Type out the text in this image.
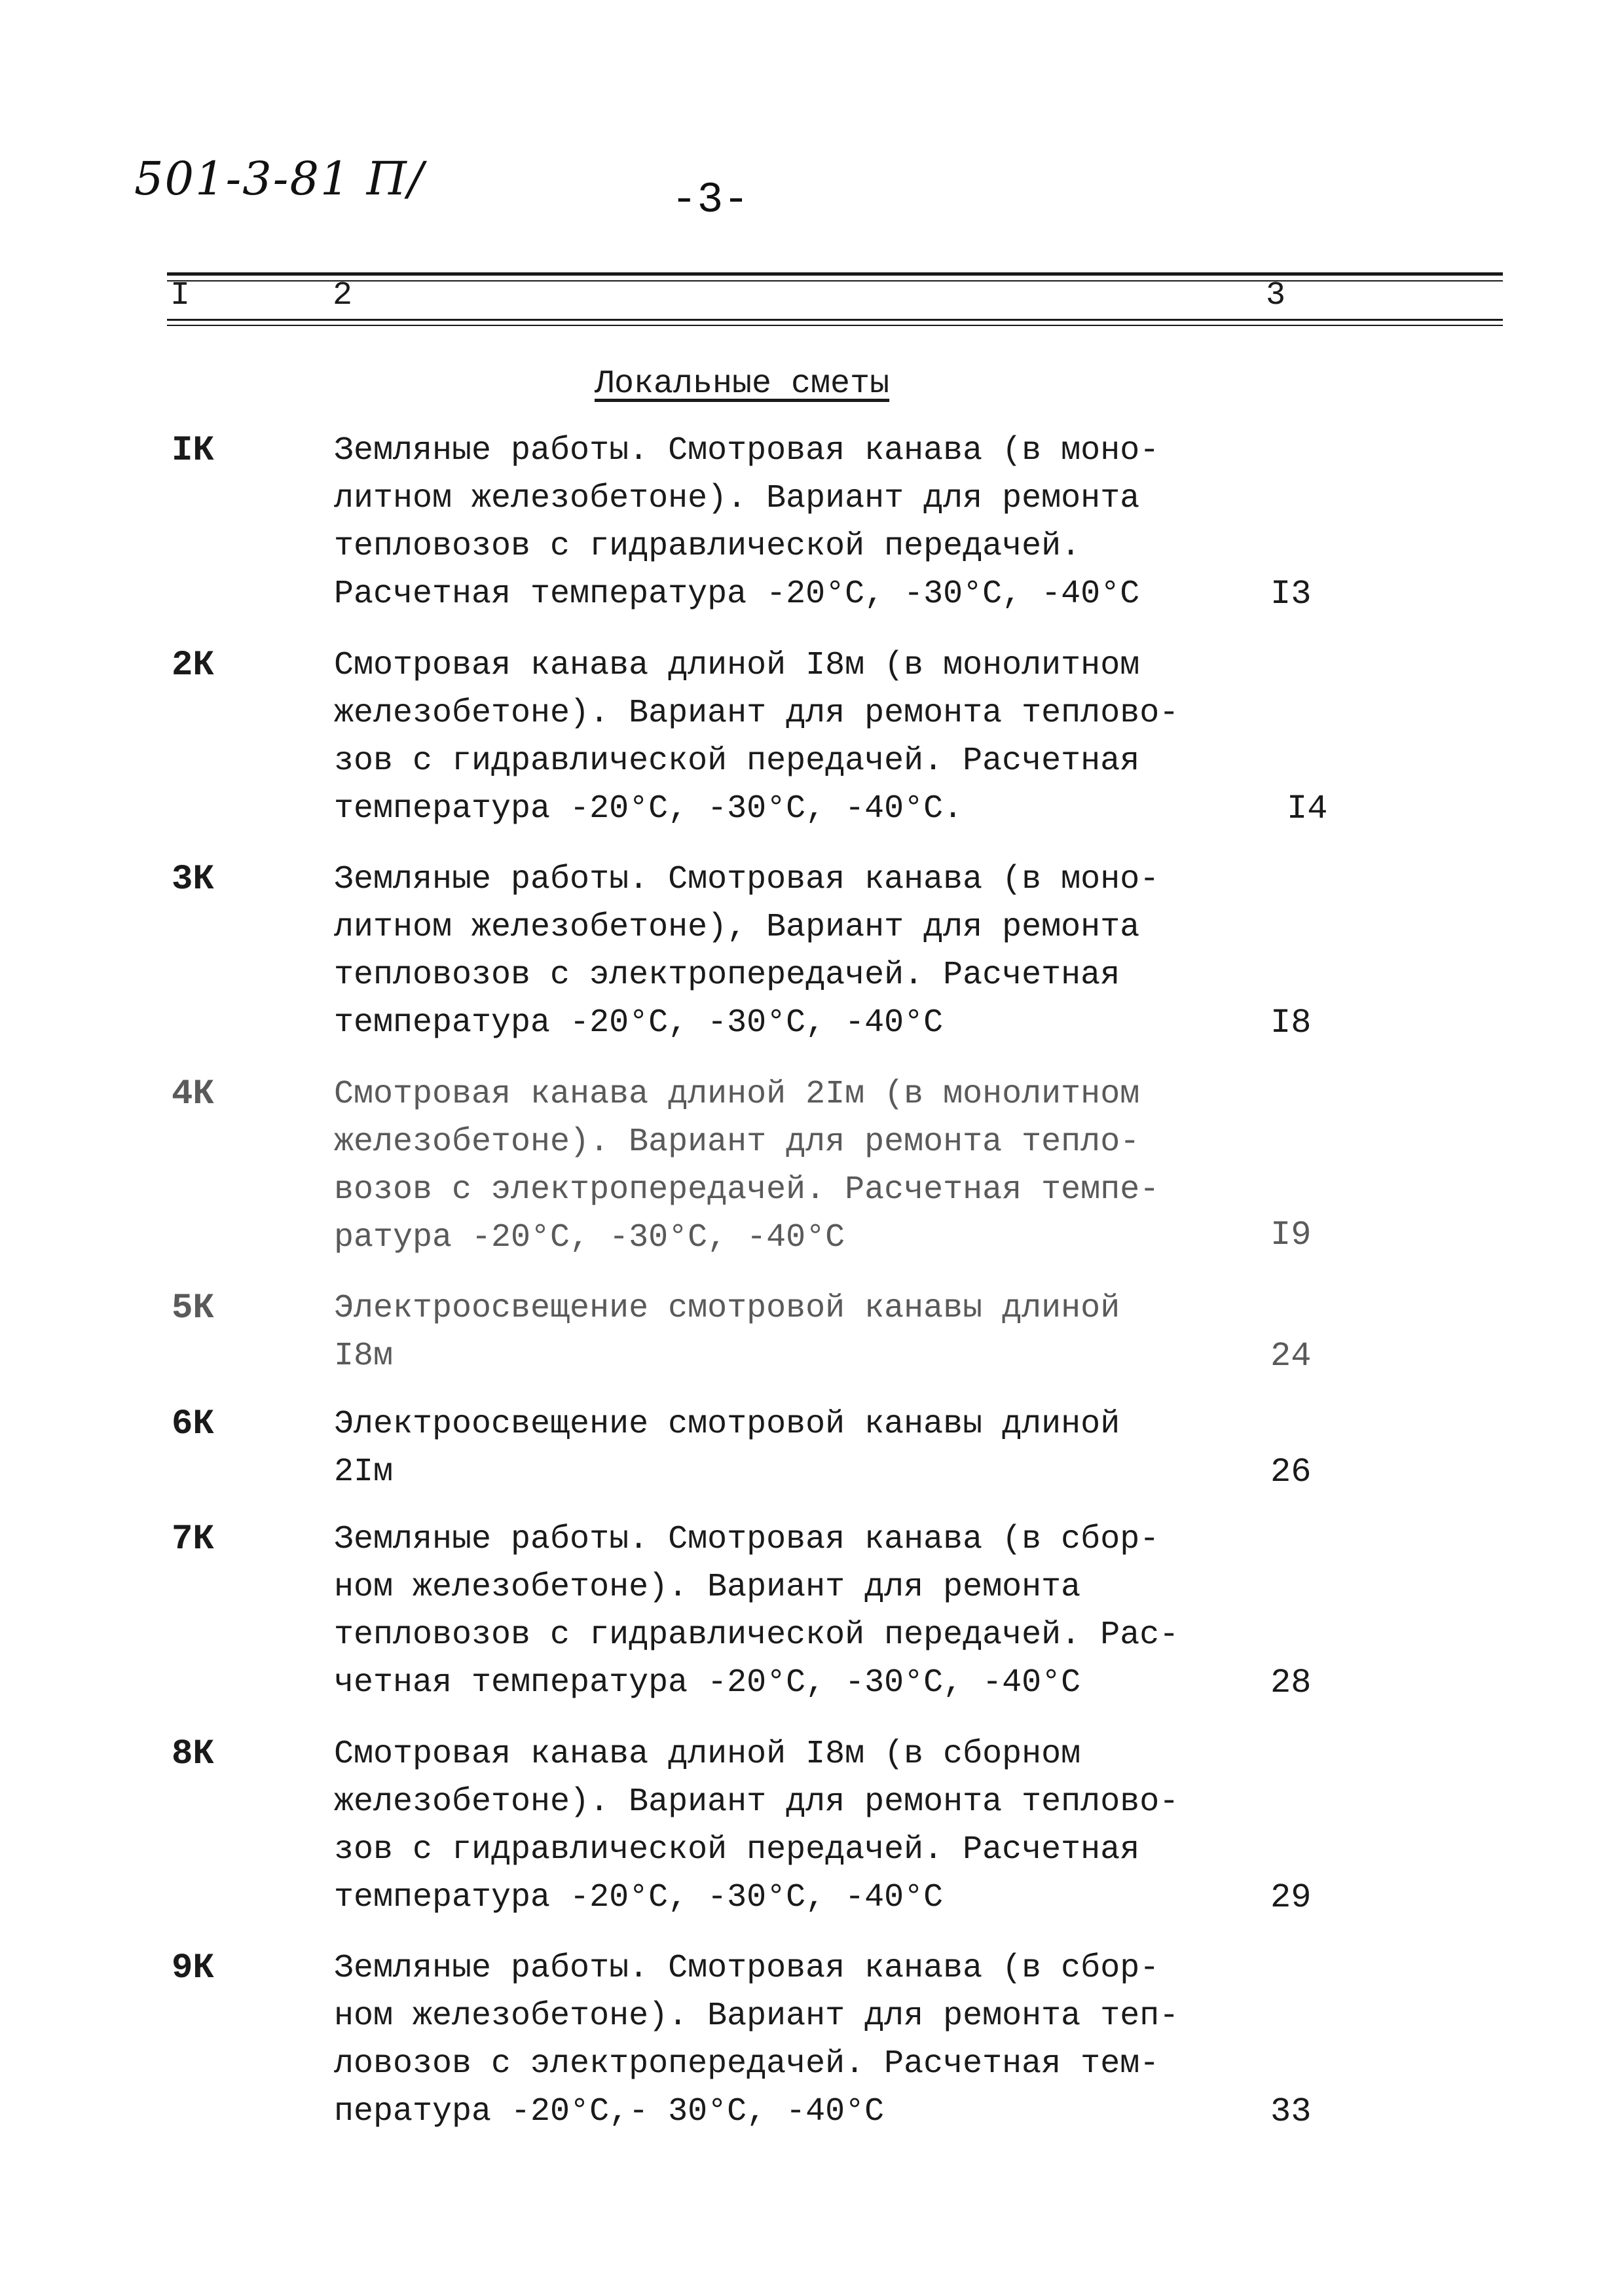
501-3-81 П/	-3-
I	2	3
Локальные сметы
IК	Земляные работы. Смотровая канава (в моно-
литном железобетоне). Вариант для ремонта
тепловозов с гидравлической передачей.
Расчетная температура -20°С, -30°С, -40°С	I3
2К	Смотровая канава длиной I8м (в монолитном
железобетоне). Вариант для ремонта теплово-
зов с гидравлической передачей. Расчетная
температура -20°С, -30°С, -40°С.	I4
3К	Земляные работы. Смотровая канава (в моно-
литном железобетоне), Вариант для ремонта
тепловозов с электропередачей. Расчетная
температура -20°С, -30°С, -40°С	I8
4К	Смотровая канава длиной 2Iм (в монолитном
железобетоне). Вариант для ремонта тепло-
возов с электропередачей. Расчетная темпе-
ратура -20°С, -30°С, -40°С	I9
5К	Электроосвещение смотровой канавы длиной
I8м	24
6К	Электроосвещение смотровой канавы длиной
2Iм	26
7К	Земляные работы. Смотровая канава (в сбор-
ном железобетоне). Вариант для ремонта
тепловозов с гидравлической передачей. Рас-
четная температура -20°С, -30°С, -40°С	28
8К	Смотровая канава длиной I8м (в сборном
железобетоне). Вариант для ремонта теплово-
зов с гидравлической передачей. Расчетная
температура -20°С, -30°С, -40°С	29
9К	Земляные работы. Смотровая канава (в сбор-
ном железобетоне). Вариант для ремонта теп-
ловозов с электропередачей. Расчетная тем-
пература -20°С,- 30°С, -40°С	33
